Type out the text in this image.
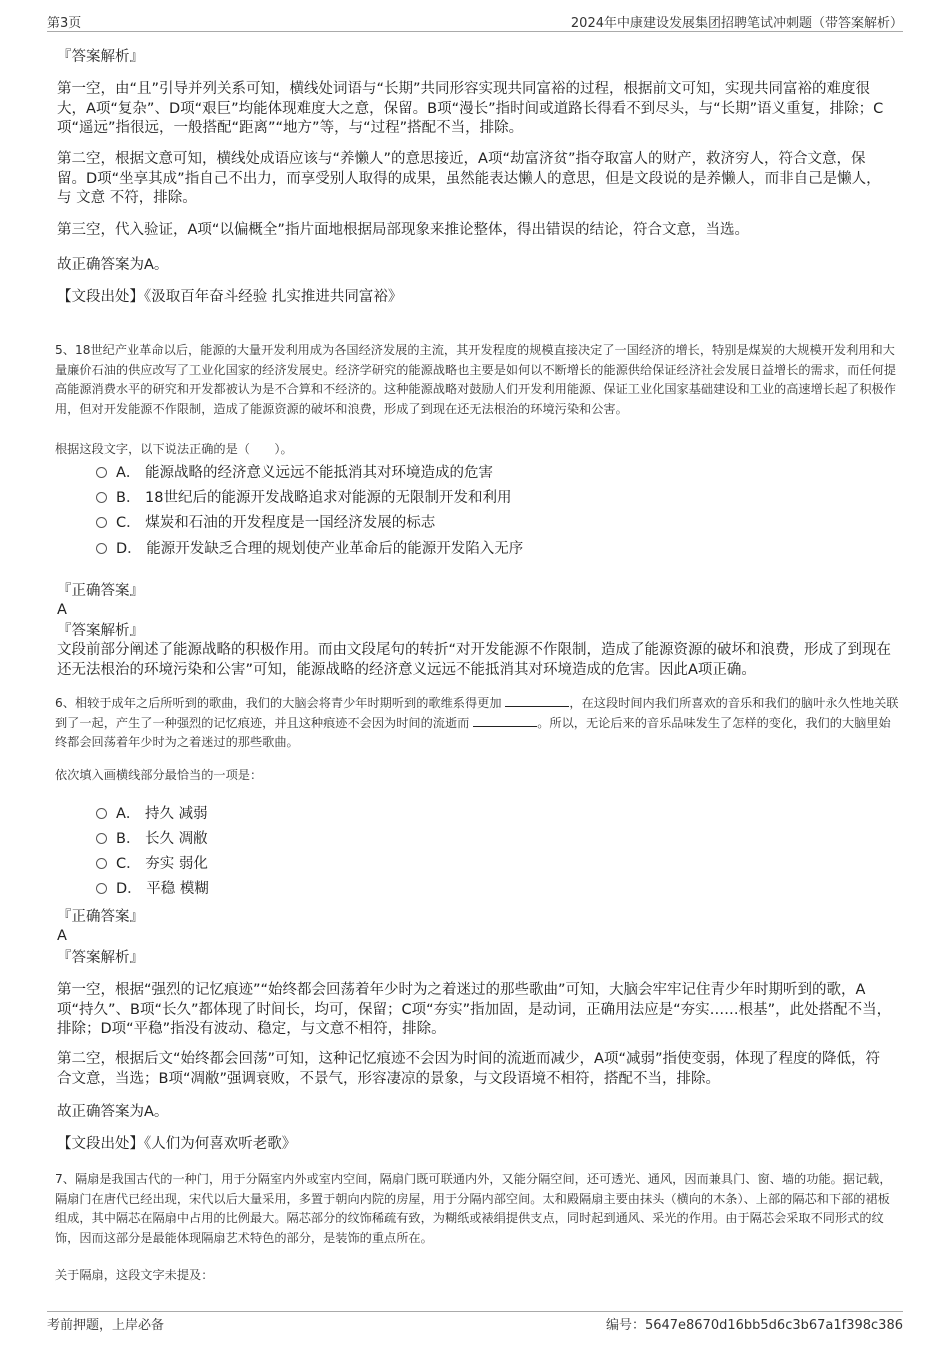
第3页	2024年中康建设发展集团招聘笔试冲刺题（带答案解析）

『答案解析』

第一空，由“且”引导并列关系可知，横线处词语与“长期”共同形容实现共同富裕的过程，根据前文可知，实现共同富裕的难度很大，A项“复杂”、D项“艰巨”均能体现难度大之意，保留。B项“漫长”指时间或道路长得看不到尽头，与“长期”语义重复，排除；C项“遥远”指很远，一般搭配“距离”“地方”等，与“过程”搭配不当，排除。

第二空，根据文意可知，横线处成语应该与“养懒人”的意思接近，A项“劫富济贫”指夺取富人的财产，救济穷人，符合文意，保留。D项“坐享其成”指自己不出力，而享受别人取得的成果，虽然能表达懒人的意思，但是文段说的是养懒人，而非自己是懒人，与 文意 不符，排除。

第三空，代入验证，A项“以偏概全”指片面地根据局部现象来推论整体，得出错误的结论，符合文意，当选。

故正确答案为A。

【文段出处】《汲取百年奋斗经验 扎实推进共同富裕》

5、18世纪产业革命以后，能源的大量开发利用成为各国经济发展的主流，其开发程度的规模直接决定了一国经济的增长，特别是煤炭的大规模开发利用和大量廉价石油的供应改写了工业化国家的经济发展史。经济学研究的能源战略也主要是如何以不断增长的能源供给保证经济社会发展日益增长的需求，而任何提高能源消费水平的研究和开发都被认为是不合算和不经济的。这种能源战略对鼓励人们开发利用能源、保证工业化国家基础建设和工业的高速增长起了积极作用，但对开发能源不作限制，造成了能源资源的破坏和浪费，形成了到现在还无法根治的环境污染和公害。

根据这段文字，以下说法正确的是（　　）。

A． 能源战略的经济意义远远不能抵消其对环境造成的危害
B． 18世纪后的能源开发战略追求对能源的无限制开发和利用
C． 煤炭和石油的开发程度是一国经济发展的标志
D． 能源开发缺乏合理的规划使产业革命后的能源开发陷入无序

『正确答案』

A

『答案解析』

文段前部分阐述了能源战略的积极作用。而由文段尾句的转折“对开发能源不作限制，造成了能源资源的破坏和浪费，形成了到现在还无法根治的环境污染和公害”可知，能源战略的经济意义远远不能抵消其对环境造成的危害。因此A项正确。

6、相较于成年之后所听到的歌曲，我们的大脑会将青少年时期听到的歌维系得更加	，在这段时间内我们所喜欢的音乐和我们的脑叶永久性地关联到了一起，产生了一种强烈的记忆痕迹，并且这种痕迹不会因为时间的流逝而	。所以，无论后来的音乐品味发生了怎样的变化，我们的大脑里始终都会回荡着年少时为之着迷过的那些歌曲。

依次填入画横线部分最恰当的一项是：

A． 持久 减弱
B． 长久 凋敝
C． 夯实 弱化
D． 平稳 模糊

『正确答案』

A

『答案解析』

第一空，根据“强烈的记忆痕迹”“始终都会回荡着年少时为之着迷过的那些歌曲”可知，大脑会牢牢记住青少年时期听到的歌，A项“持久”、B项“长久”都体现了时间长，均可，保留；C项“夯实”指加固，是动词，正确用法应是“夯实……根基”，此处搭配不当，排除；D项“平稳”指没有波动、稳定，与文意不相符，排除。

第二空，根据后文“始终都会回荡”可知，这种记忆痕迹不会因为时间的流逝而减少，A项“减弱”指使变弱，体现了程度的降低，符合文意，当选；B项“凋敝”强调衰败，不景气，形容凄凉的景象，与文段语境不相符，搭配不当，排除。

故正确答案为A。

【文段出处】《人们为何喜欢听老歌》

7、隔扇是我国古代的一种门，用于分隔室内外或室内空间，隔扇门既可联通内外，又能分隔空间，还可透光、通风，因而兼具门、窗、墙的功能。据记载，隔扇门在唐代已经出现，宋代以后大量采用，多置于朝向内院的房屋，用于分隔内部空间。太和殿隔扇主要由抹头（横向的木条）、上部的隔芯和下部的裙板组成，其中隔芯在隔扇中占用的比例最大。隔芯部分的纹饰稀疏有致，为糊纸或裱绢提供支点，同时起到通风、采光的作用。由于隔芯会采取不同形式的纹饰，因而这部分是最能体现隔扇艺术特色的部分，是装饰的重点所在。

关于隔扇，这段文字未提及：

考前押题，上岸必备	编号：5647e8670d16bb5d6c3b67a1f398c386
